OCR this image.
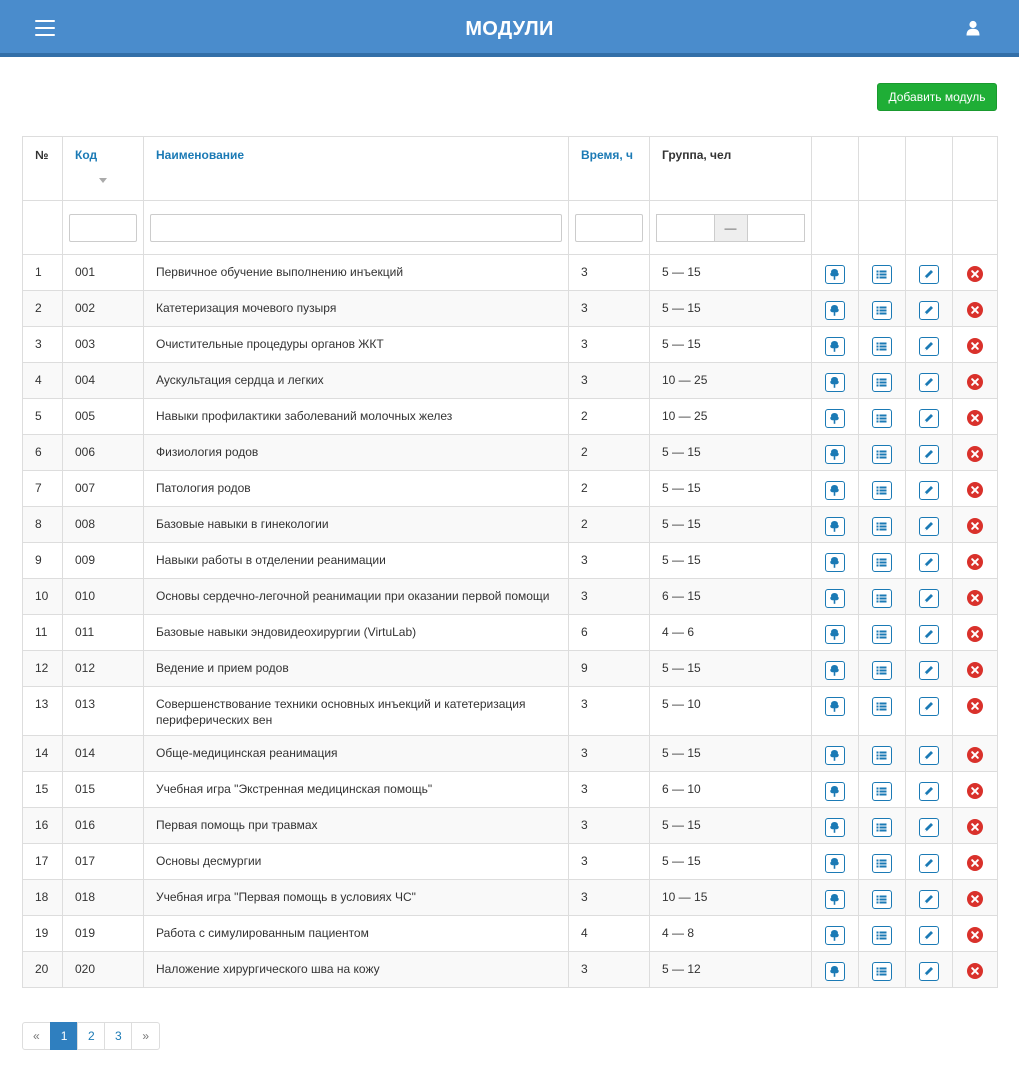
МОДУЛИ
Добавить модуль
№	Код	Наименование	Время, ч	Группа, чел				

—				

1	001	Первичное обучение выполнению инъекций	3	5 — 15	

2	002	Катетеризация мочевого пузыря	3	5 — 15	

3	003	Очистительные процедуры органов ЖКТ	3	5 — 15	

4	004	Аускультация сердца и легких	3	10 — 25	

5	005	Навыки профилактики заболеваний молочных желез	2	10 — 25	

6	006	Физиология родов	2	5 — 15	

7	007	Патология родов	2	5 — 15	

8	008	Базовые навыки в гинекологии	2	5 — 15	

9	009	Навыки работы в отделении реанимации	3	5 — 15	

10	010	Основы сердечно-легочной реанимации при оказании первой помощи	3	6 — 15	

11	011	Базовые навыки эндовидеохирургии (VirtuLab)	6	4 — 6	

12	012	Ведение и прием родов	9	5 — 15	

13	013	Совершенствование техники основных инъекций и катетеризация периферических вен	3	5 — 10	

14	014	Обще-медицинская реанимация	3	5 — 15	

15	015	Учебная игра "Экстренная медицинская помощь"	3	6 — 10	

16	016	Первая помощь при травмах	3	5 — 15	

17	017	Основы десмургии	3	5 — 15	

18	018	Учебная игра "Первая помощь в условиях ЧС"	3	10 — 15	

19	019	Работа с симулированным пациентом	4	4 — 8	

20	020	Наложение хирургического шва на кожу	3	5 — 12	

«	1	2	3	»
